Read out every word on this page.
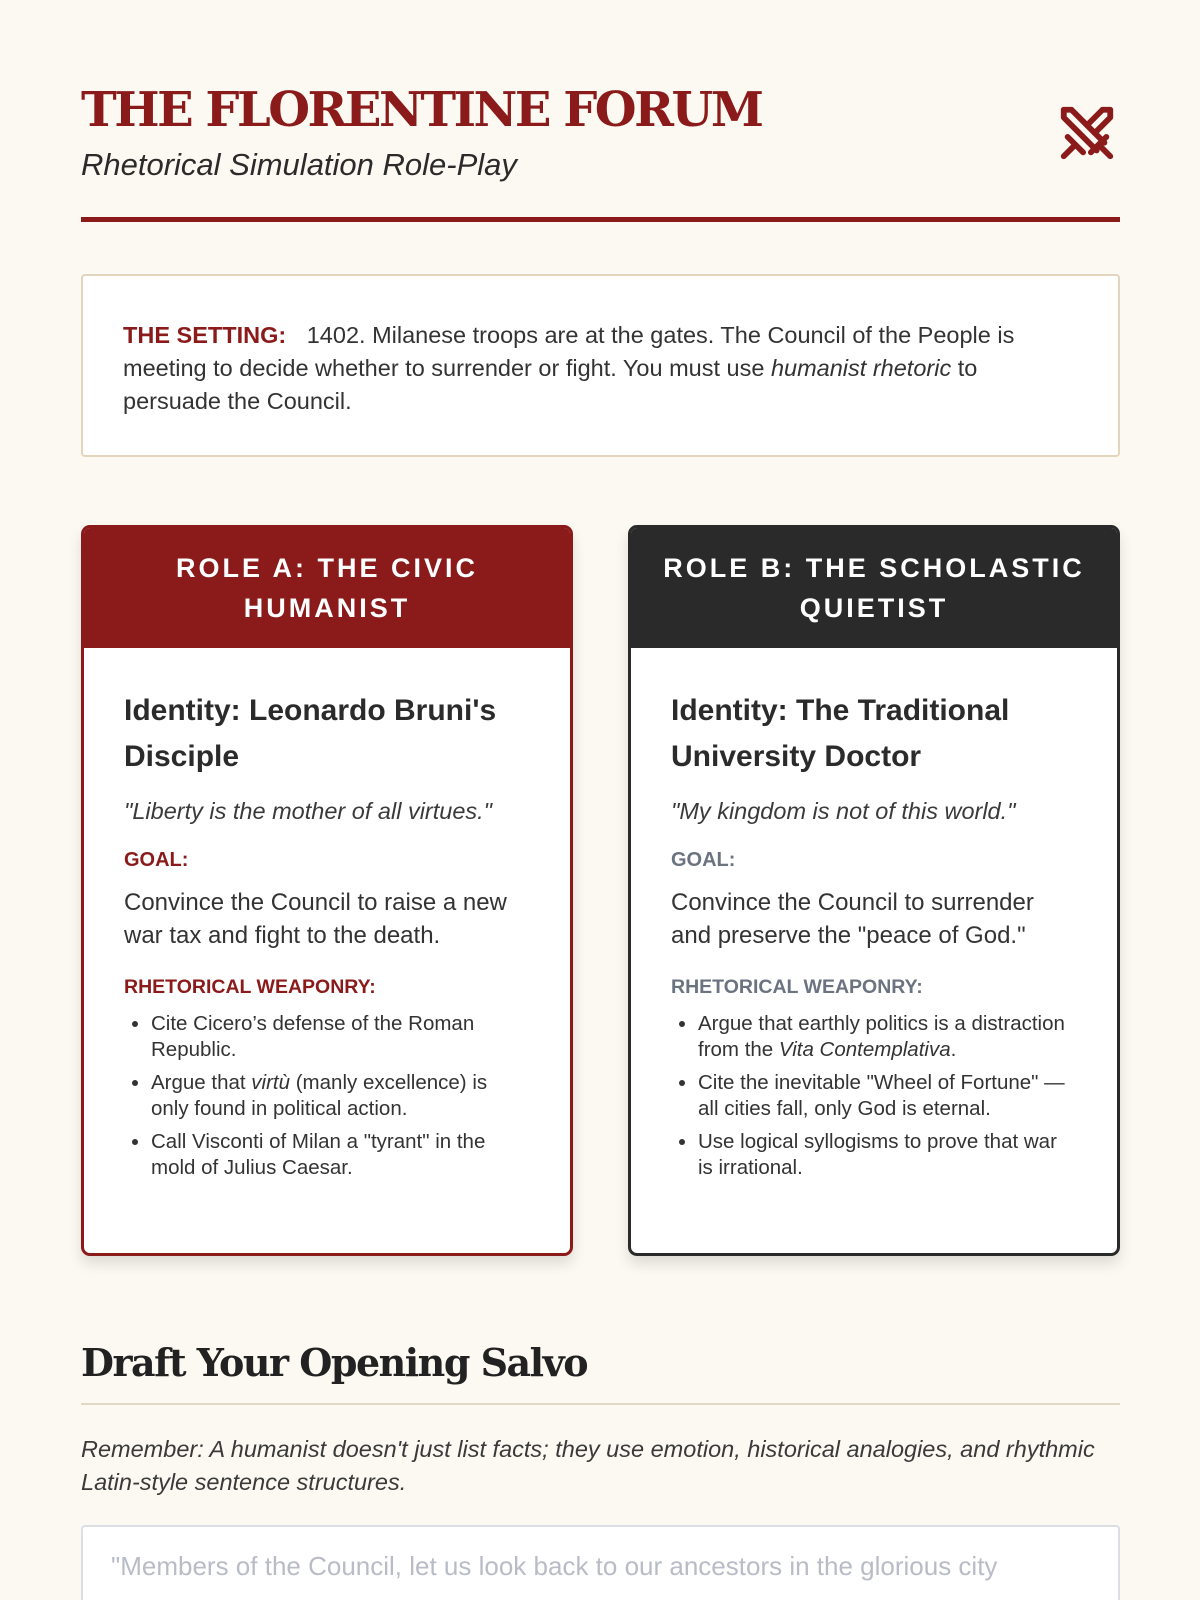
THE FLORENTINE FORUM
Rhetorical Simulation Role-Play
THE SETTING: 1402. Milanese troops are at the gates. The Council of the People is meeting to decide whether to surrender or fight. You must use humanist rhetoric to persuade the Council.
ROLE A: THE CIVIC HUMANIST
Identity: Leonardo Bruni's Disciple
"Liberty is the mother of all virtues."
GOAL:
Convince the Council to raise a new war tax and fight to the death.
RHETORICAL WEAPONRY:
• Cite Cicero’s defense of the Roman Republic.
• Argue that virtù (manly excellence) is only found in political action.
• Call Visconti of Milan a "tyrant" in the mold of Julius Caesar.
ROLE B: THE SCHOLASTIC QUIETIST
Identity: The Traditional University Doctor
"My kingdom is not of this world."
GOAL:
Convince the Council to surrender and preserve the "peace of God."
RHETORICAL WEAPONRY:
• Argue that earthly politics is a distraction from the Vita Contemplativa.
• Cite the inevitable "Wheel of Fortune" — all cities fall, only God is eternal.
• Use logical syllogisms to prove that war is irrational.
Draft Your Opening Salvo

Remember: A humanist doesn't just list facts; they use emotion, historical analogies, and rhythmic Latin-style sentence structures.

"Members of the Council, let us look back to our ancestors in the glorious city
